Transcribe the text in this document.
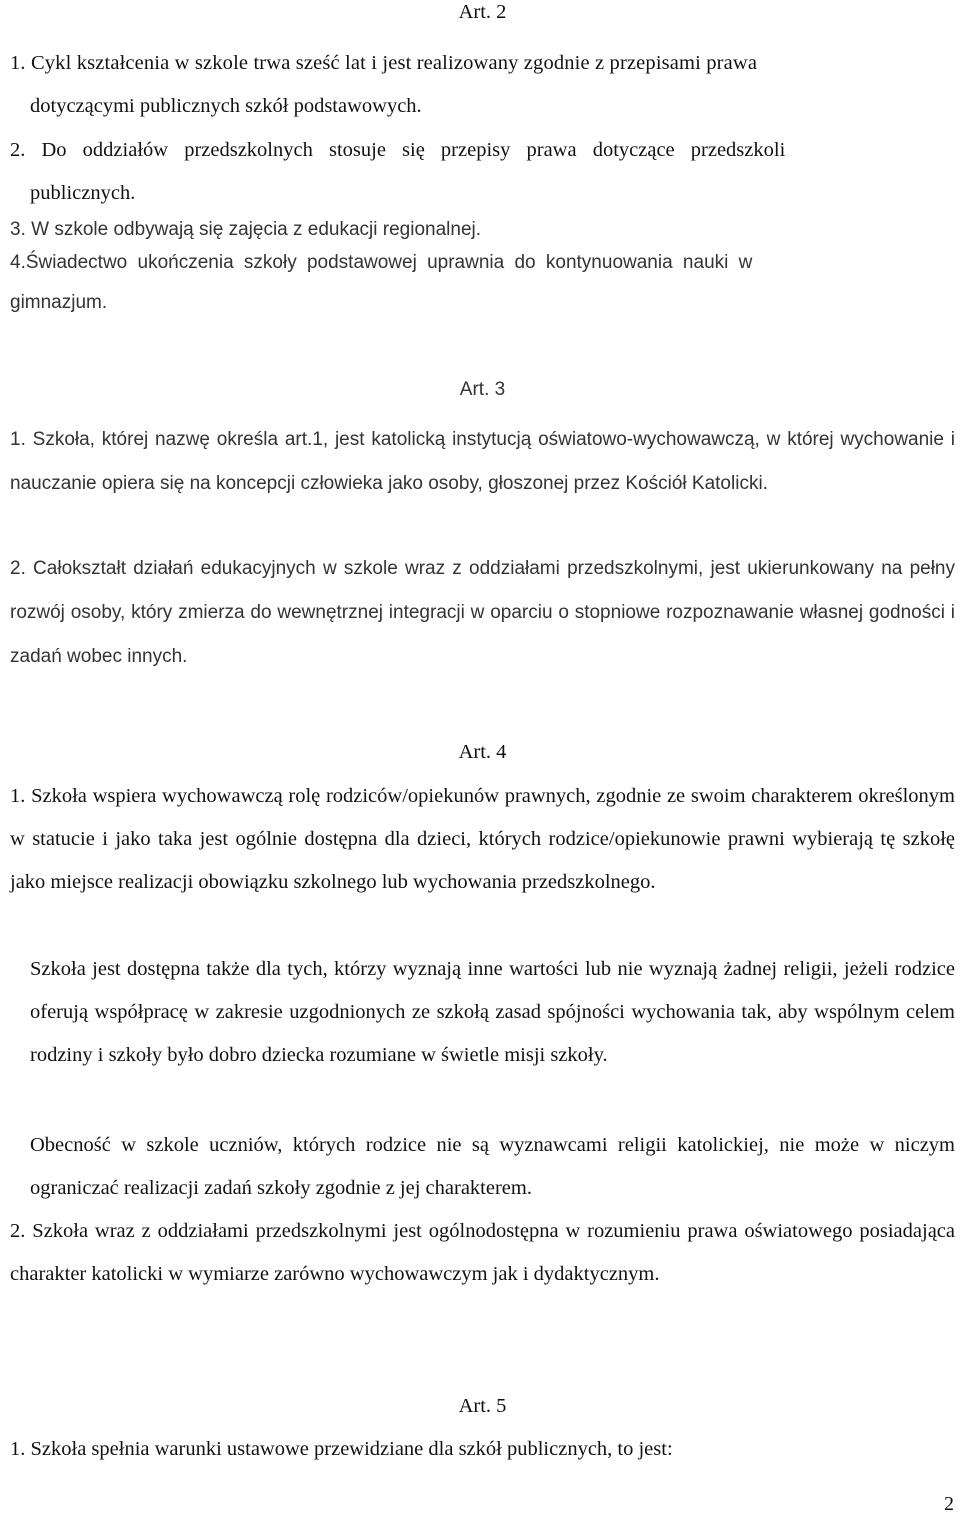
Art. 2
1. Cykl kształcenia w szkole trwa sześć lat i jest realizowany zgodnie z przepisami prawa
dotyczącymi publicznych szkół podstawowych.
2. Do oddziałów przedszkolnych stosuje się przepisy prawa dotyczące przedszkoli
publicznych.
3. W szkole odbywają się zajęcia z edukacji regionalnej.
4.Świadectwo ukończenia szkoły podstawowej uprawnia do kontynuowania nauki w
gimnazjum.
Art. 3

1. Szkoła, której nazwę określa art.1, jest katolicką instytucją oświatowo-wychowawczą, w której wychowanie i nauczanie opiera się na koncepcji człowieka jako osoby, głoszonej przez Kościół Katolicki.

2. Całokształt działań edukacyjnych w szkole wraz z oddziałami przedszkolnymi, jest ukierunkowany na pełny rozwój osoby, który zmierza do wewnętrznej integracji w oparciu o stopniowe rozpoznawanie własnej godności i zadań wobec innych.

Art. 4

1. Szkoła wspiera wychowawczą rolę rodziców/opiekunów prawnych, zgodnie ze swoim charakterem określonym w statucie i jako taka jest ogólnie dostępna dla dzieci, których rodzice/opiekunowie prawni wybierają tę szkołę jako miejsce realizacji obowiązku szkolnego lub wychowania przedszkolnego.

Szkoła jest dostępna także dla tych, którzy wyznają inne wartości lub nie wyznają żadnej religii, jeżeli rodzice oferują współpracę w zakresie uzgodnionych ze szkołą zasad spójności wychowania tak, aby wspólnym celem rodziny i szkoły było dobro dziecka rozumiane w świetle misji szkoły.

Obecność w szkole uczniów, których rodzice nie są wyznawcami religii katolickiej, nie może w niczym ograniczać realizacji zadań szkoły zgodnie z jej charakterem.

2. Szkoła wraz z oddziałami przedszkolnymi jest ogólnodostępna w rozumieniu prawa oświatowego posiadająca charakter katolicki w wymiarze zarówno wychowawczym jak i dydaktycznym.

Art. 5

1. Szkoła spełnia warunki ustawowe przewidziane dla szkół publicznych, to jest:

2
